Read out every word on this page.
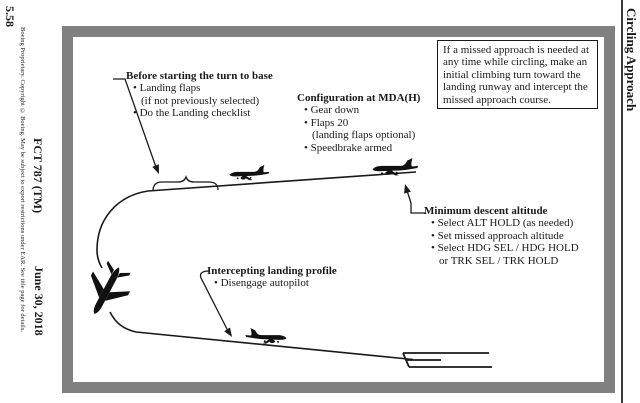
5.58
Boeing Proprietary. Copyright © Boeing. May be subject to export restrictions under EAR. See title page for details. FCT 787 (TM)
June 30, 2018
Circling Approach
If a missed approach is needed at
any time while circling, make an
initial climbing turn toward the
landing runway and intercept the
missed approach course.
Before starting the turn to base
• Landing flaps
(if not previously selected)
• Do the Landing checklist
Configuration at MDA(H)
• Gear down
• Flaps 20
(landing flaps optional)
• Speedbrake armed
Minimum descent altitude
• Select ALT HOLD (as needed)
• Set missed approach altitude
• Select HDG SEL / HDG HOLD
or TRK SEL / TRK HOLD
Intercepting landing profile
• Disengage autopilot
